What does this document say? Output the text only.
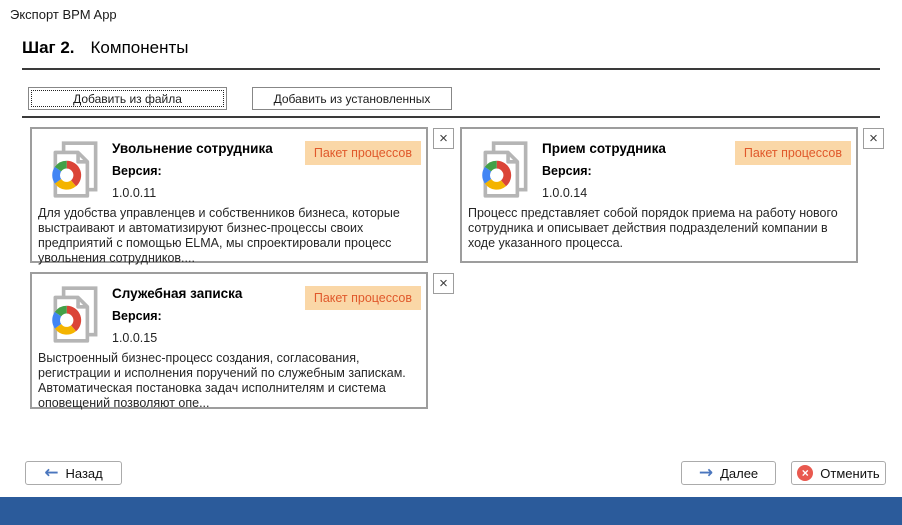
Экспорт BPM App
Шаг 2. Компоненты
Добавить из файла	Добавить из установленных
Увольнение сотрудника	Пакет процессов
Версия:
1.0.0.11
Для удобства управленцев и собственников бизнеса, которые выстраивают и автоматизируют бизнес-процессы своих предприятий с помощью ELMA, мы спроектировали процесс увольнения сотрудников....
×
Прием сотрудника	Пакет процессов
Версия:
1.0.0.14
Процесс представляет собой порядок приема на работу нового сотрудника и описывает действия подразделений компании в ходе указанного процесса.
×
Служебная записка	Пакет процессов
Версия:
1.0.0.15
Выстроенный бизнес-процесс создания, согласования, регистрации и исполнения поручений по служебным запискам. Автоматическая постановка задач исполнителям и система оповещений позволяют опе...
×
← Назад	→ Далее	× Отменить
